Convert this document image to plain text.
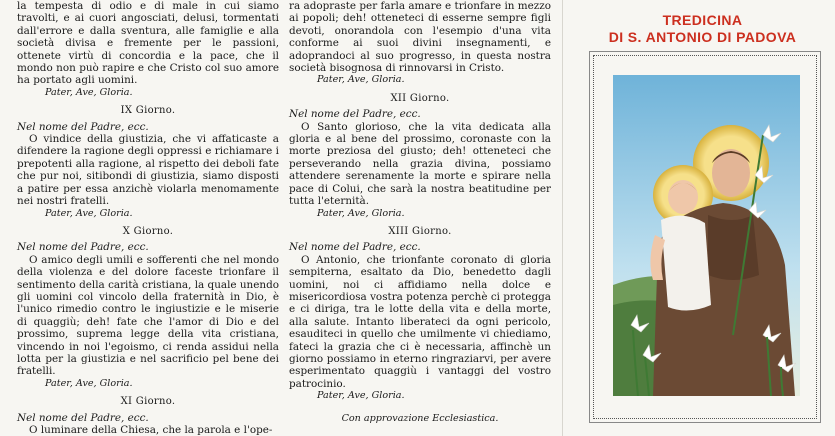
la tempesta di odio e di male in cui siamo travolti, e ai cuori angosciati, delusi, tormentati dall'errore e dalla sventura, alle famiglie e alla società divisa e fremente per le passioni, ottenete virtù di concordia e la pace, che il mondo non può rapire e che Cristo col suo amore ha portato agli uomini.

Pater, Ave, Gloria.
IX Giorno.
Nel nome del Padre, ecc.

O vindice della giustizia, che vi affaticaste a difendere la ragione degli oppressi e richiamare i prepotenti alla ragione, al rispetto dei deboli fate che pur noi, sitibondi di giustizia, siamo disposti a patire per essa anzichè violarla menomamente nei nostri fratelli.

Pater, Ave, Gloria.
X Giorno.
Nel nome del Padre, ecc.

O amico degli umili e sofferenti che nel mondo della violenza e del dolore faceste trionfare il sentimento della carità cristiana, la quale unendo gli uomini col vincolo della fraternità in Dio, è l'unico rimedio contro le ingiustizie e le miserie di quaggiù; deh! fate che l'amor di Dio e del prossimo, suprema legge della vita cristiana, vincendo in noi l'egoismo, ci renda assidui nella lotta per la giustizia e nel sacrificio pel bene dei fratelli.

Pater, Ave, Gloria.
XI Giorno.
Nel nome del Padre, ecc.

O luminare della Chiesa, che la parola e l'ope-

ra adopraste per farla amare e trionfare in mezzo ai popoli; deh! otteneteci di esserne sempre figli devoti, onorandola con l'esempio d'una vita conforme ai suoi divini insegnamenti, e adoprandoci al suo progresso, in questa nostra società bisognosa di rinnovarsi in Cristo.

Pater, Ave, Gloria.
XII Giorno.
Nel nome del Padre, ecc.

O Santo glorioso, che la vita dedicata alla gloria e al bene del prossimo, coronaste con la morte preziosa del giusto; deh! otteneteci che perseverando nella grazia divina, possiamo attendere serenamente la morte e spirare nella pace di Colui, che sarà la nostra beatitudine per tutta l'eternità.

Pater, Ave, Gloria.
XIII Giorno.
Nel nome del Padre, ecc.

O Antonio, che trionfante coronato di gloria sempiterna, esaltato da Dio, benedetto dagli uomini, noi ci affidiamo nella dolce e misericordiosa vostra potenza perchè ci protegga e ci diriga, tra le lotte della vita e della morte, alla salute. Intanto liberateci da ogni pericolo, esauditeci in quello che umilmente vi chiediamo, fateci la grazia che ci è necessaria, affinchè un giorno possiamo in eterno ringraziarvi, per avere esperimentato quaggiù i vantaggi del vostro patrocinio.

Pater, Ave, Gloria.
Con approvazione Ecclesiastica.
TREDICINA
DI S. ANTONIO DI PADOVA
